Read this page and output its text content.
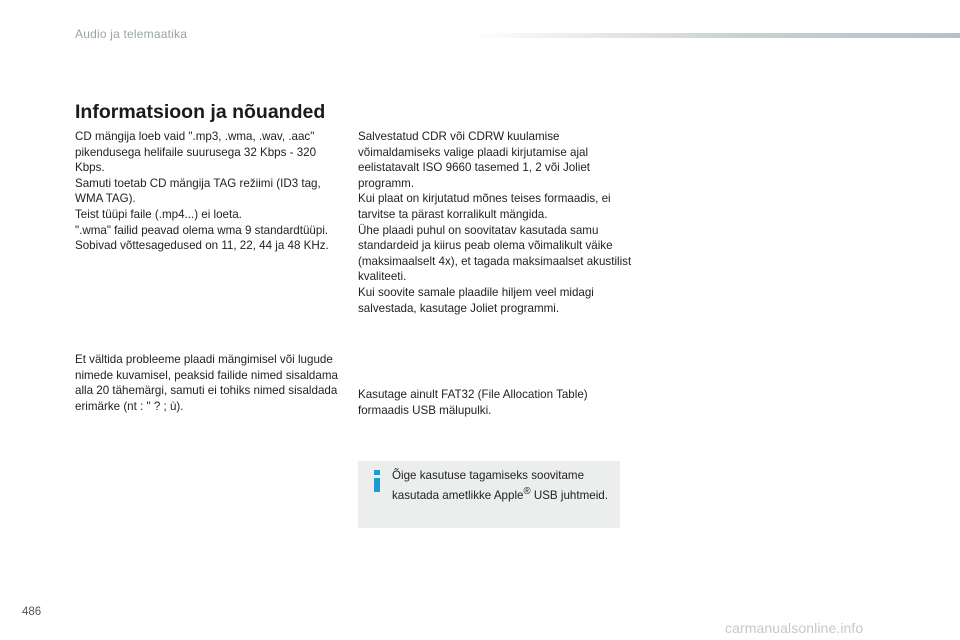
Audio ja telemaatika
Informatsioon ja nõuanded
CD mängija loeb vaid ".mp3, .wma, .wav, .aac" pikendusega helifaile suurusega 32 Kbps - 320 Kbps.
Samuti toetab CD mängija TAG režiimi (ID3 tag, WMA TAG).
Teist tüüpi faile (.mp4...) ei loeta.
".wma" failid peavad olema wma 9 standardtüüpi.
Sobivad võttesagedused on 11, 22, 44 ja 48 KHz.
Et vältida probleeme plaadi mängimisel või lugude nimede kuvamisel, peaksid failide nimed sisaldama alla 20 tähemärgi, samuti ei tohiks nimed sisaldada erimärke (nt : " ? ; ù).
Salvestatud CDR või CDRW kuulamise võimaldamiseks valige plaadi kirjutamise ajal eelistatavalt ISO 9660 tasemed 1, 2 või Joliet programm.
Kui plaat on kirjutatud mõnes teises formaadis, ei tarvitse ta pärast korralikult mängida.
Ühe plaadi puhul on soovitatav kasutada samu standardeid ja kiirus peab olema võimalikult väike (maksimaalselt 4x), et tagada maksimaalset akustilist kvaliteeti.
Kui soovite samale plaadile hiljem veel midagi salvestada, kasutage Joliet programmi.
Kasutage ainult FAT32 (File Allocation Table) formaadis USB mälupulki.
Õige kasutuse tagamiseks soovitame kasutada ametlikke Apple® USB juhtmeid.
486
carmanualsonline.info
